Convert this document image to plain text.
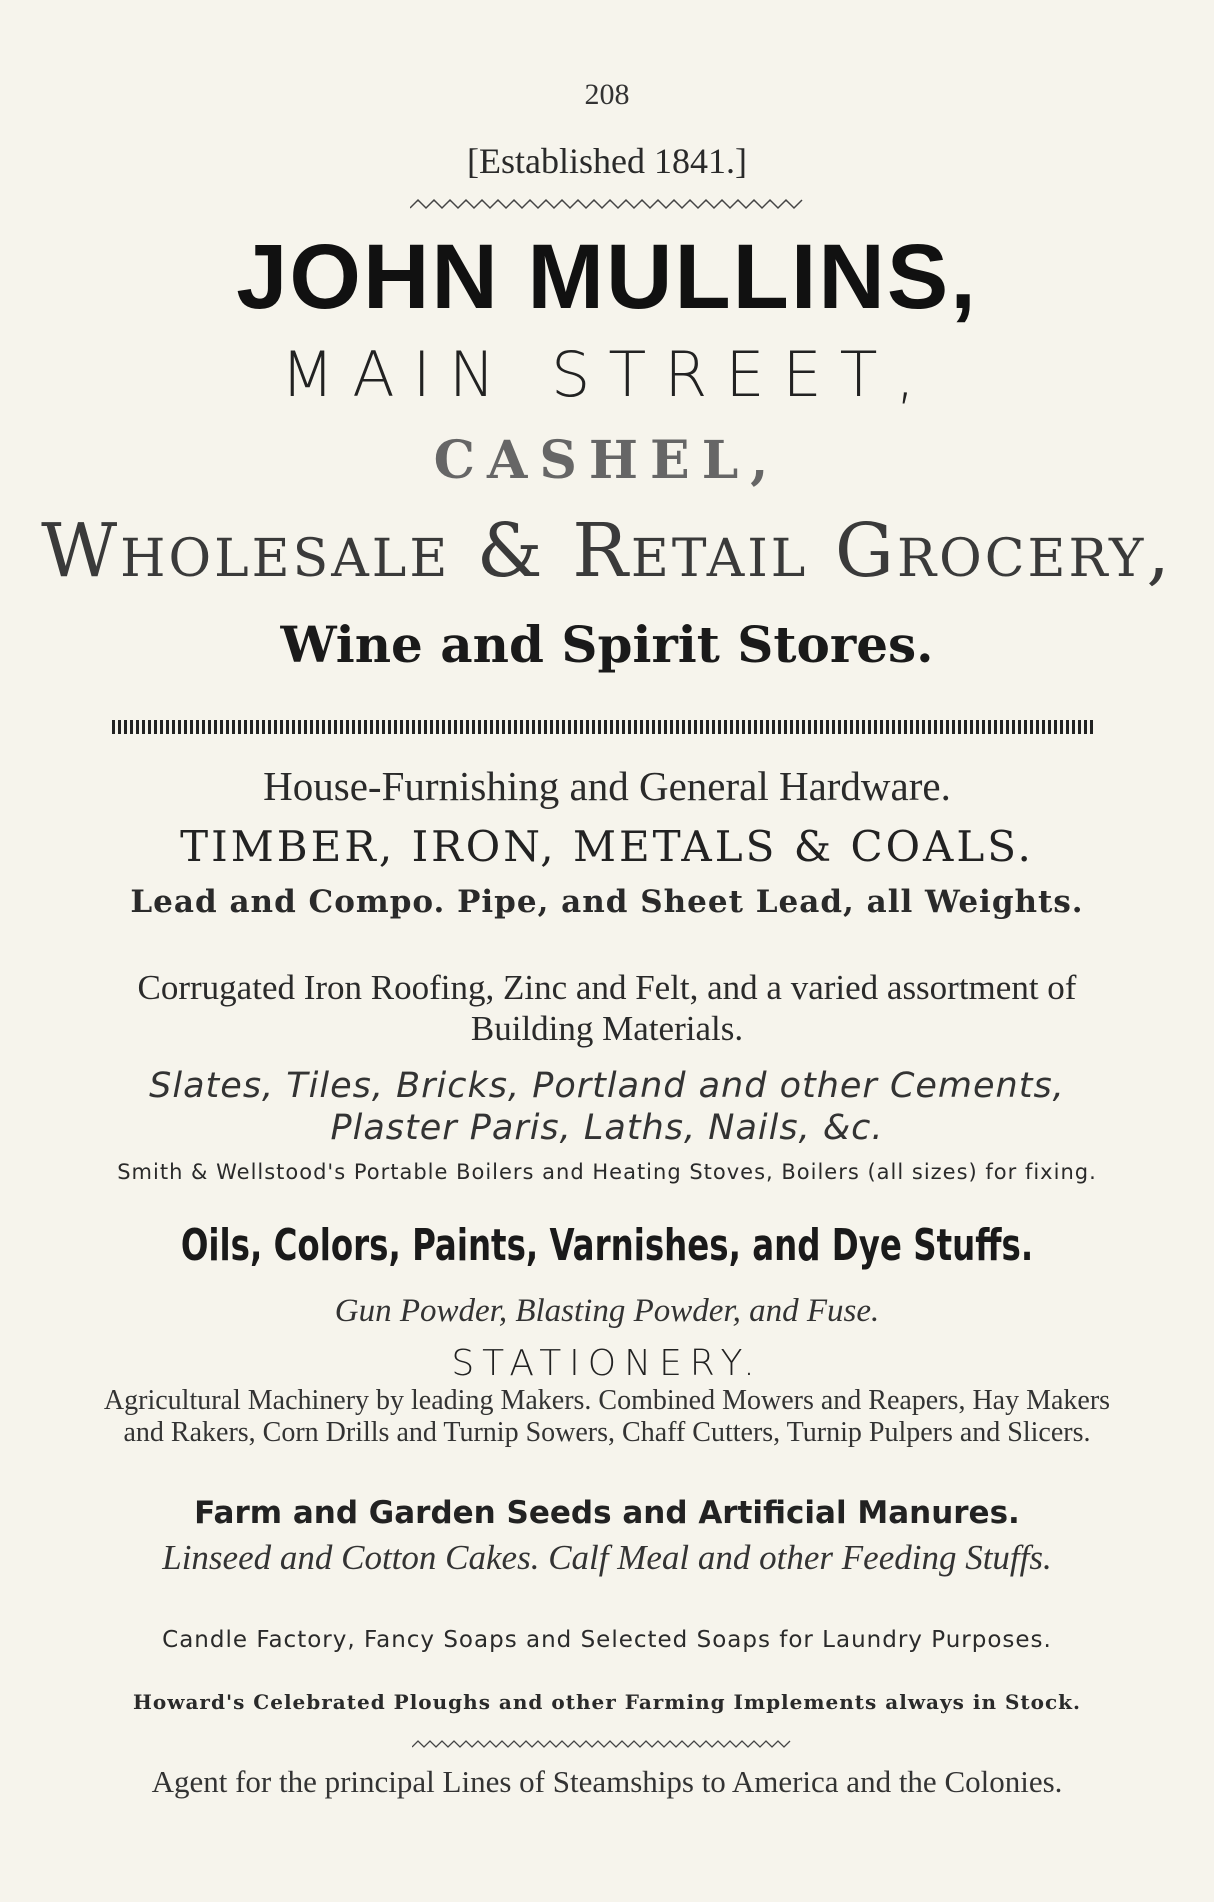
208
[Established 1841.]
JOHN MULLINS,
MAIN STREET,
CASHEL,
Wholesale & Retail Grocery,
Wine and Spirit Stores.
House-Furnishing and General Hardware.
TIMBER, IRON, METALS & COALS.
Lead and Compo. Pipe, and Sheet Lead, all Weights.
Corrugated Iron Roofing, Zinc and Felt, and a varied assortment of Building Materials.
Slates, Tiles, Bricks, Portland and other Cements, Plaster Paris, Laths, Nails, &c.
Smith & Wellstood's Portable Boilers and Heating Stoves, Boilers (all sizes) for fixing.
Oils, Colors, Paints, Varnishes, and Dye Stuffs.
Gun Powder, Blasting Powder, and Fuse.
STATIONERY.
Agricultural Machinery by leading Makers. Combined Mowers and Reapers, Hay Makers and Rakers, Corn Drills and Turnip Sowers, Chaff Cutters, Turnip Pulpers and Slicers.
Farm and Garden Seeds and Artificial Manures.
Linseed and Cotton Cakes. Calf Meal and other Feeding Stuffs.
Candle Factory, Fancy Soaps and Selected Soaps for Laundry Purposes.
Howard's Celebrated Ploughs and other Farming Implements always in Stock.
Agent for the principal Lines of Steamships to America and the Colonies.
